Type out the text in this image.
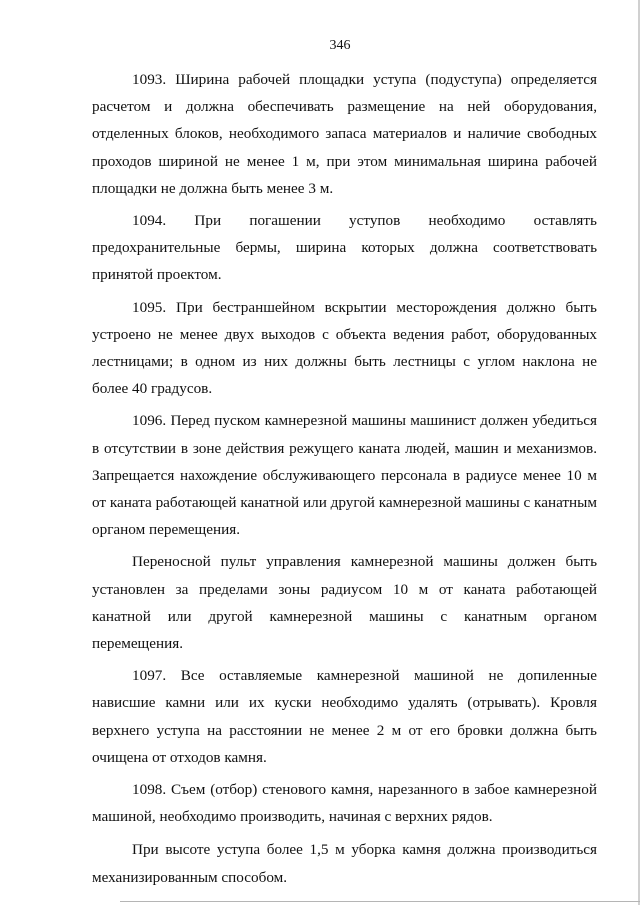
346

1093. Ширина рабочей площадки уступа (подуступа) определяется расчетом и должна обеспечивать размещение на ней оборудования, отделенных блоков, необходимого запаса материалов и наличие свободных проходов шириной не менее 1 м, при этом минимальная ширина рабочей площадки не должна быть менее 3 м.

1094. При погашении уступов необходимо оставлять предохранительные бермы, ширина которых должна соответствовать принятой проектом.

1095. При бестраншейном вскрытии месторождения должно быть устроено не менее двух выходов с объекта ведения работ, оборудованных лестницами; в одном из них должны быть лестницы с углом наклона не более 40 градусов.

1096. Перед пуском камнерезной машины машинист должен убедиться в отсутствии в зоне действия режущего каната людей, машин и механизмов. Запрещается нахождение обслуживающего персонала в радиусе менее 10 м от каната работающей канатной или другой камнерезной машины с канатным органом перемещения.

Переносной пульт управления камнерезной машины должен быть установлен за пределами зоны радиусом 10 м от каната работающей канатной или другой камнерезной машины с канатным органом перемещения.

1097. Все оставляемые камнерезной машиной не допиленные нависшие камни или их куски необходимо удалять (отрывать). Кровля верхнего уступа на расстоянии не менее 2 м от его бровки должна быть очищена от отходов камня.

1098. Съем (отбор) стенового камня, нарезанного в забое камнерезной машиной, необходимо производить, начиная с верхних рядов.

При высоте уступа более 1,5 м уборка камня должна производиться механизированным способом.
